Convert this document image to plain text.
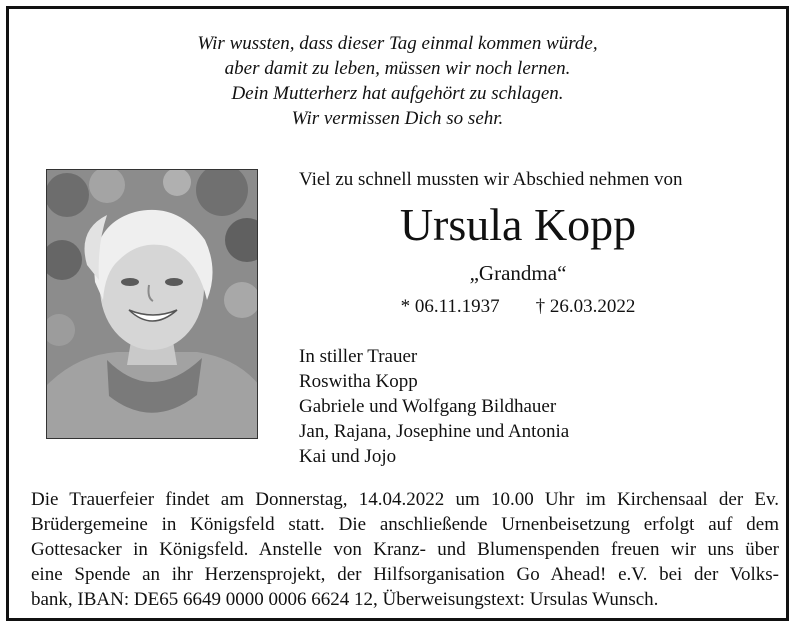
Wir wussten, dass dieser Tag einmal kommen würde,
aber damit zu leben, müssen wir noch lernen.
Dein Mutterherz hat aufgehört zu schlagen.
Wir vermissen Dich so sehr.
Viel zu schnell mussten wir Abschied nehmen von
Ursula Kopp
„Grandma“
* 06.11.1937 † 26.03.2022
In stiller Trauer
Roswitha Kopp
Gabriele und Wolfgang Bildhauer
Jan, Rajana, Josephine und Antonia
Kai und Jojo
Die Trauerfeier findet am Donnerstag, 14.04.2022 um 10.00 Uhr im Kirchensaal der Ev.
Brüdergemeine in Königsfeld statt. Die anschließende Urnenbeisetzung erfolgt auf dem
Gottesacker in Königsfeld. Anstelle von Kranz- und Blumenspenden freuen wir uns über
eine Spende an ihr Herzensprojekt, der Hilfsorganisation Go Ahead! e.V. bei der Volks-
bank, IBAN: DE65 6649 0000 0006 6624 12, Überweisungstext: Ursulas Wunsch.
